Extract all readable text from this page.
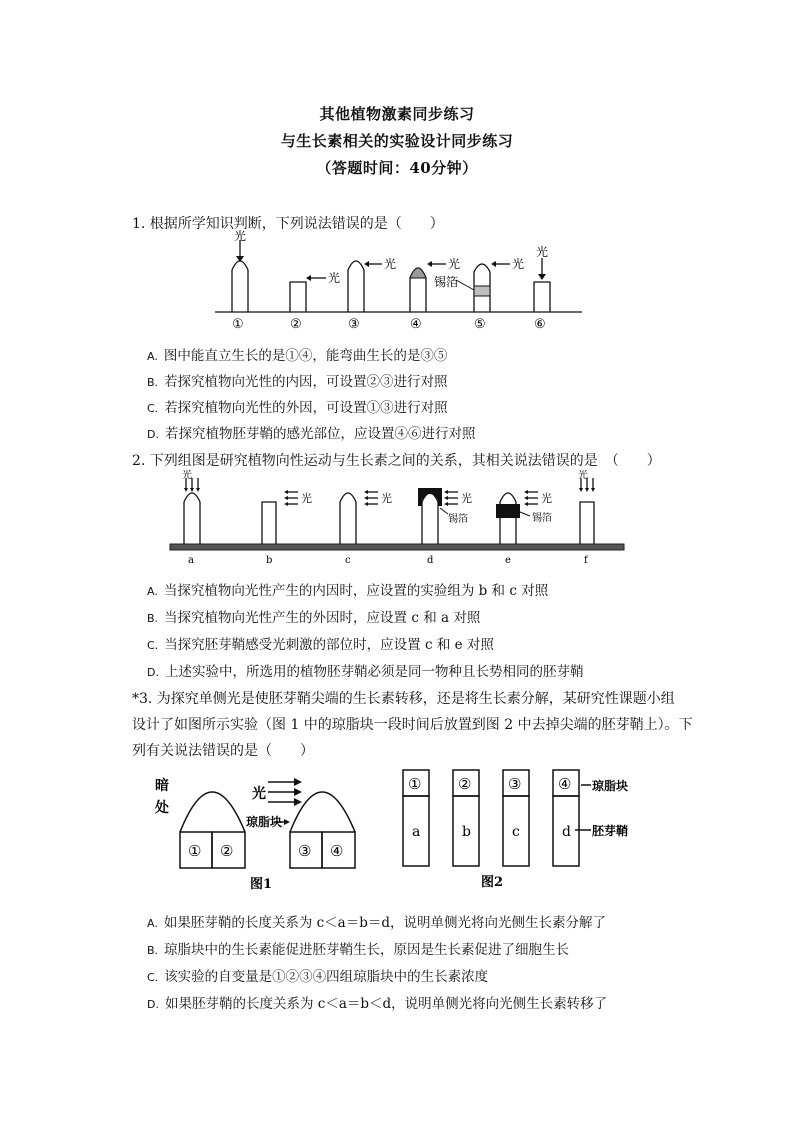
其他植物激素同步练习
与生长素相关的实验设计同步练习
（答题时间：40分钟）
1. 根据所学知识判断，下列说法错误的是（　　）
光
光
光	光	光
光
锡箔
①	②	③	④	⑤	⑥
A. 图中能直立生长的是①④，能弯曲生长的是③⑤
B. 若探究植物向光性的内因，可设置②③进行对照
C. 若探究植物向光性的外因，可设置①③进行对照
D. 若探究植物胚芽鞘的感光部位，应设置④⑥进行对照
2. 下列组图是研究植物向性运动与生长素之间的关系，其相关说法错误的是　（　　）
光
光	光	光	光
光
锡箔	锡箔
a	b	c	d	e	f
A. 当探究植物向光性产生的内因时，应设置的实验组为 b 和 c 对照
B. 当探究植物向光性产生的外因时，应设置 c 和 a 对照
C. 当探究胚芽鞘感受光刺激的部位时，应设置 c 和 e 对照
D. 上述实验中，所选用的植物胚芽鞘必须是同一物种且长势相同的胚芽鞘
*3. 为探究单侧光是使胚芽鞘尖端的生长素转移，还是将生长素分解，某研究性课题小组
设计了如图所示实验（图 1 中的琼脂块一段时间后放置到图 2 中去掉尖端的胚芽鞘上）。下
列有关说法错误的是（　　）
暗
处
光
琼脂块
① ②	③ ④
图1
① ② ③ ④
a	b	c	d
琼脂块
胚芽鞘
图2
A. 如果胚芽鞘的长度关系为 c＜a＝b＝d，说明单侧光将向光侧生长素分解了
B. 琼脂块中的生长素能促进胚芽鞘生长，原因是生长素促进了细胞生长
C. 该实验的自变量是①②③④四组琼脂块中的生长素浓度
D. 如果胚芽鞘的长度关系为 c＜a＝b＜d，说明单侧光将向光侧生长素转移了
